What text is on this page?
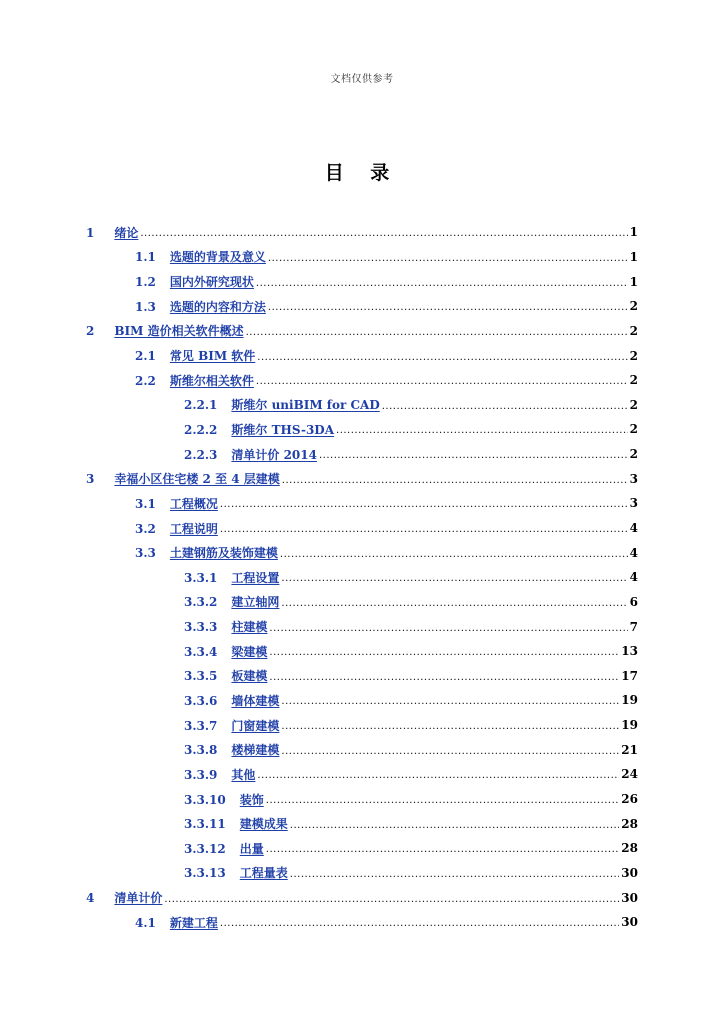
文档仅供参考
目 录
1 绪论 .....	1
1.1 选题的背景及意义 .....	1
1.2 国内外研究现状 .....	1
1.3 选题的内容和方法 .....	2
2 BIM 造价相关软件概述 .....	2
2.1 常见 BIM 软件 .....	2
2.2 斯维尔相关软件 .....	2
2.2.1 斯维尔 uniBIM for CAD .....	2
2.2.2 斯维尔 THS-3DA .....	2
2.2.3 清单计价 2014 .....	2
3 幸福小区住宅楼 2 至 4 层建模 .....	3
3.1 工程概况 .....	3
3.2 工程说明 .....	4
3.3 土建钢筋及装饰建模 .....	4
3.3.1 工程设置 .....	4
3.3.2 建立轴网 .....	6
3.3.3 柱建模 .....	7
3.3.4 梁建模 .....	13
3.3.5 板建模 .....	17
3.3.6 墙体建模 .....	19
3.3.7 门窗建模 .....	19
3.3.8 楼梯建模 .....	21
3.3.9 其他 .....	24
3.3.10 装饰 .....	26
3.3.11 建模成果 .....	28
3.3.12 出量 .....	28
3.3.13 工程量表 .....	30
4 清单计价 .....	30
4.1 新建工程 .....	30
